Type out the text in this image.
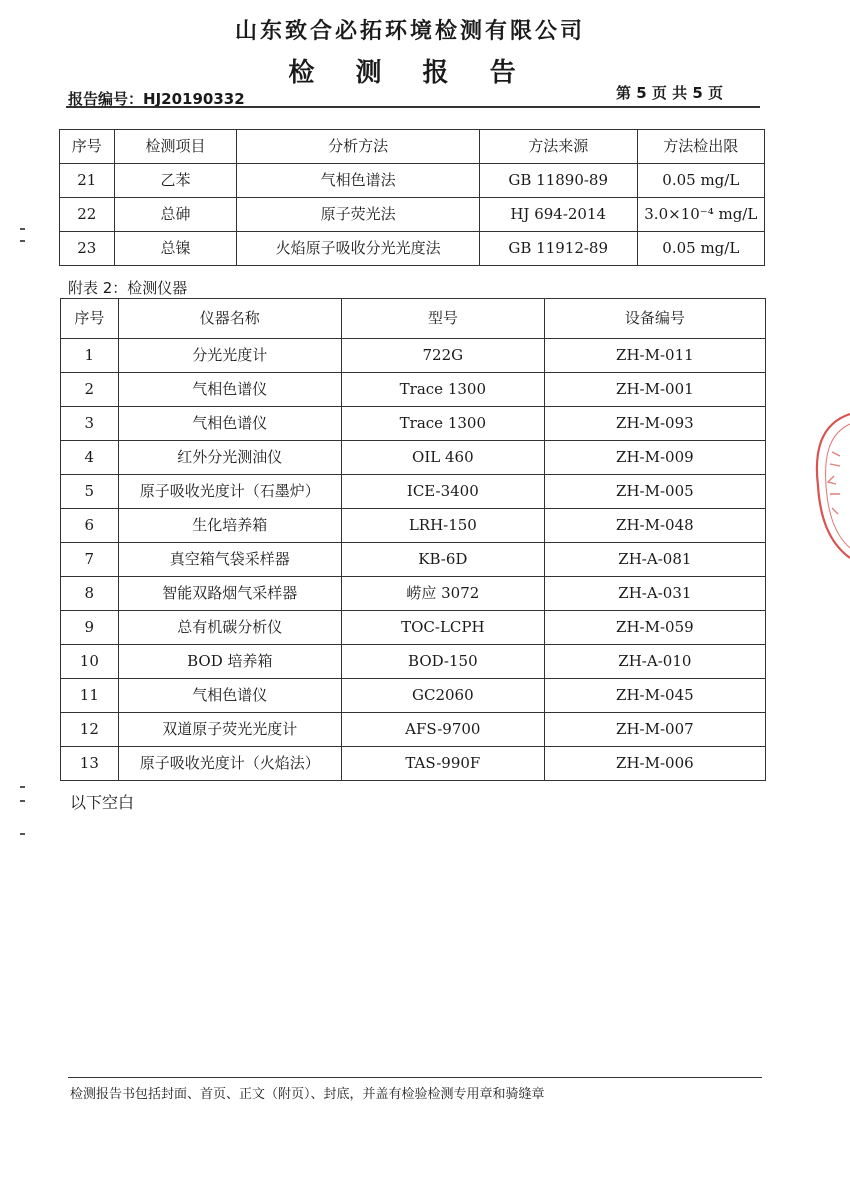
山东致合必拓环境检测有限公司
检 测 报 告
报告编号：HJ20190332	第 5 页 共 5 页
序号	检测项目	分析方法	方法来源	方法检出限
21	乙苯	气相色谱法	GB 11890-89	0.05 mg/L
22	总砷	原子荧光法	HJ 694-2014	3.0×10⁻⁴ mg/L
23	总镍	火焰原子吸收分光光度法	GB 11912-89	0.05 mg/L
附表 2：检测仪器
序号	仪器名称	型号	设备编号
1	分光光度计	722G	ZH-M-011
2	气相色谱仪	Trace 1300	ZH-M-001
3	气相色谱仪	Trace 1300	ZH-M-093
4	红外分光测油仪	OIL 460	ZH-M-009
5	原子吸收光度计（石墨炉）	ICE-3400	ZH-M-005
6	生化培养箱	LRH-150	ZH-M-048
7	真空箱气袋采样器	KB-6D	ZH-A-081
8	智能双路烟气采样器	崂应 3072	ZH-A-031
9	总有机碳分析仪	TOC-LCPH	ZH-M-059
10	BOD 培养箱	BOD-150	ZH-A-010
11	气相色谱仪	GC2060	ZH-M-045
12	双道原子荧光光度计	AFS-9700	ZH-M-007
13	原子吸收光度计（火焰法）	TAS-990F	ZH-M-006
以下空白
检测报告书包括封面、首页、正文（附页）、封底，并盖有检验检测专用章和骑缝章
